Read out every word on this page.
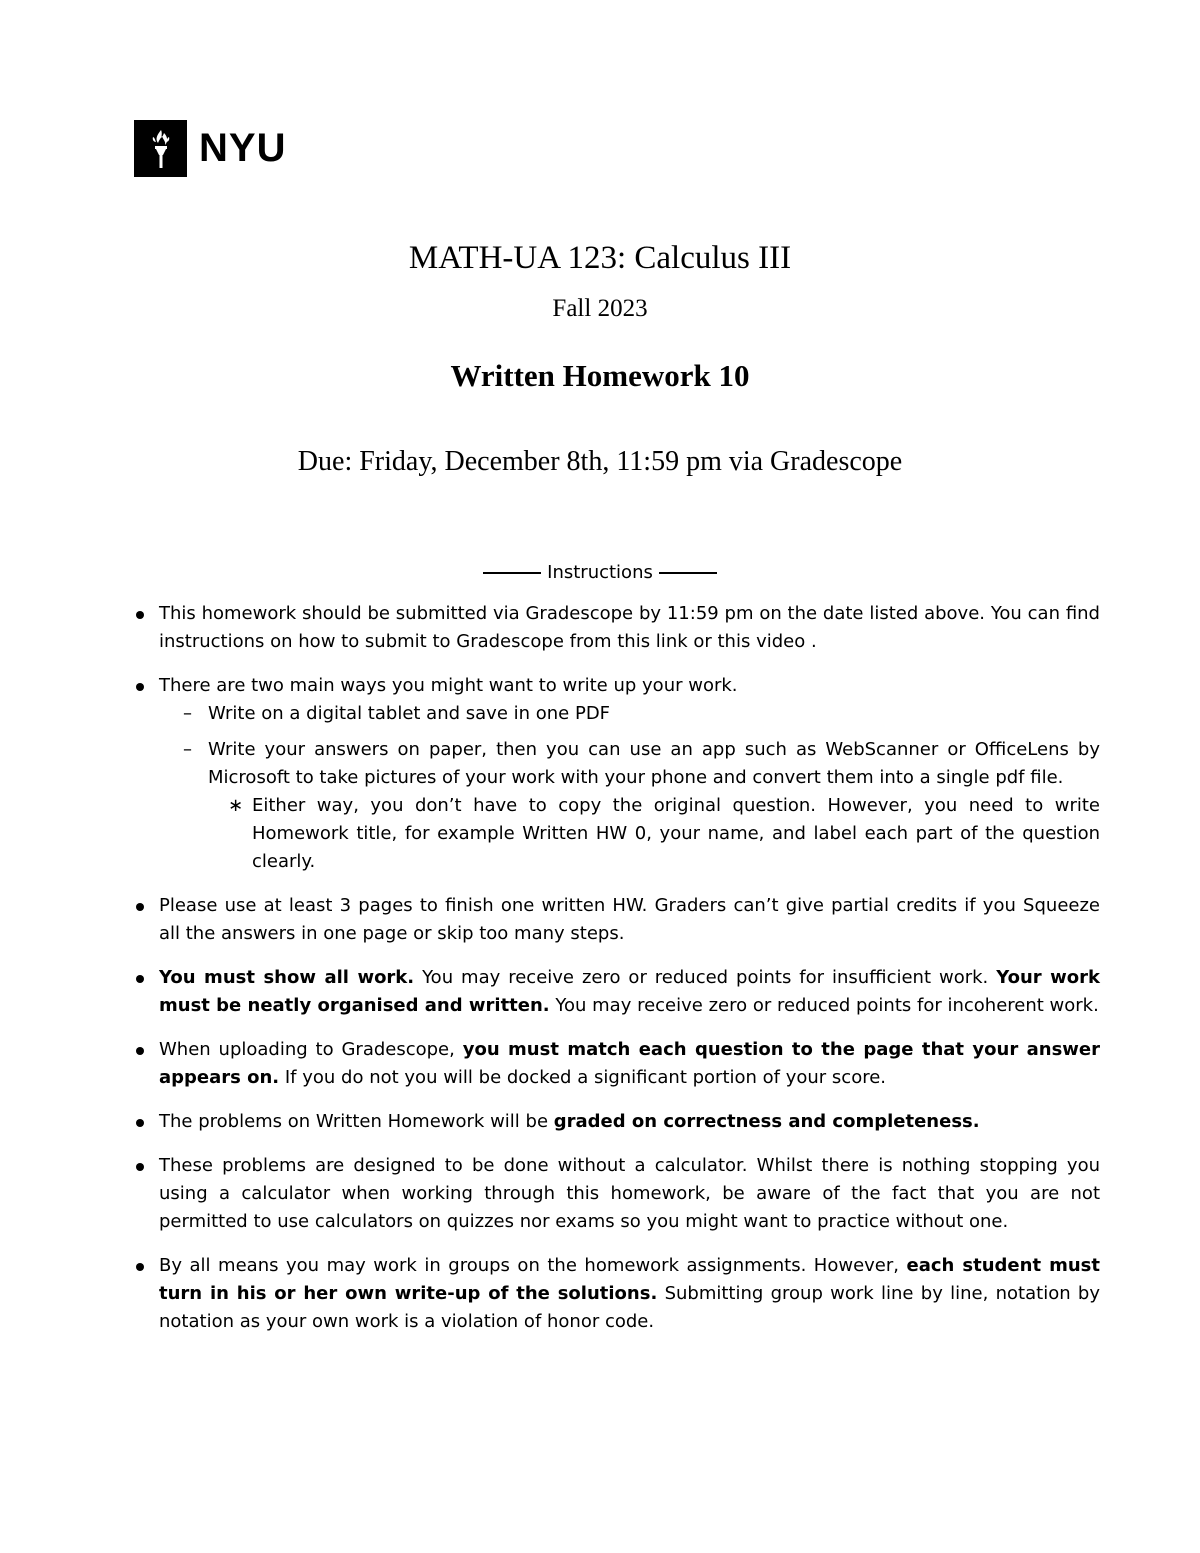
NYU
MATH-UA 123: Calculus III
Fall 2023
Written Homework 10
Due: Friday, December 8th, 11:59 pm via Gradescope
Instructions
This homework should be submitted via Gradescope by 11:59 pm on the date listed above. You can find instructions on how to submit to Gradescope from this link or this video .
There are two main ways you might want to write up your work.
– Write on a digital tablet and save in one PDF
– Write your answers on paper, then you can use an app such as WebScanner or OfficeLens by Microsoft to take pictures of your work with your phone and convert them into a single pdf file.
∗ Either way, you don’t have to copy the original question. However, you need to write Homework title, for example Written HW 0, your name, and label each part of the question clearly.
Please use at least 3 pages to finish one written HW. Graders can’t give partial credits if you Squeeze all the answers in one page or skip too many steps.
You must show all work. You may receive zero or reduced points for insufficient work. Your work must be neatly organised and written. You may receive zero or reduced points for incoherent work.
When uploading to Gradescope, you must match each question to the page that your answer appears on. If you do not you will be docked a significant portion of your score.
The problems on Written Homework will be graded on correctness and completeness.
These problems are designed to be done without a calculator. Whilst there is nothing stopping you using a calculator when working through this homework, be aware of the fact that you are not permitted to use calculators on quizzes nor exams so you might want to practice without one.
By all means you may work in groups on the homework assignments. However, each student must turn in his or her own write-up of the solutions. Submitting group work line by line, notation by notation as your own work is a violation of honor code.
